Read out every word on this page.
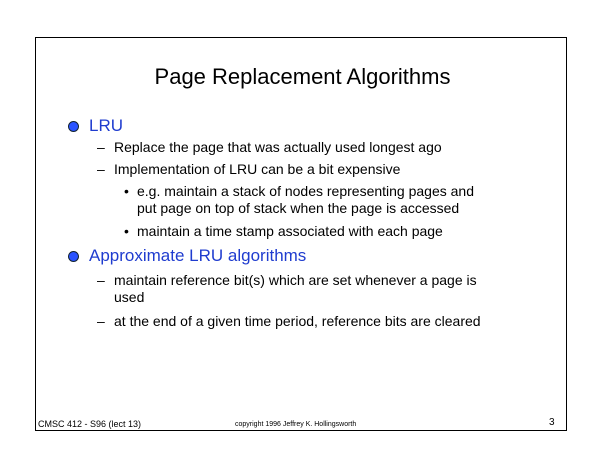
Page Replacement Algorithms
LRU
– Replace the page that was actually used longest ago
– Implementation of LRU can be a bit expensive
• e.g. maintain a stack of nodes representing pages and
put page on top of stack when the page is accessed
• maintain a time stamp associated with each page
Approximate LRU algorithms
– maintain reference bit(s) which are set whenever a page is
used
– at the end of a given time period, reference bits are cleared
CMSC 412 - S96 (lect 13)	copyright 1996 Jeffrey K. Hollingsworth	3
